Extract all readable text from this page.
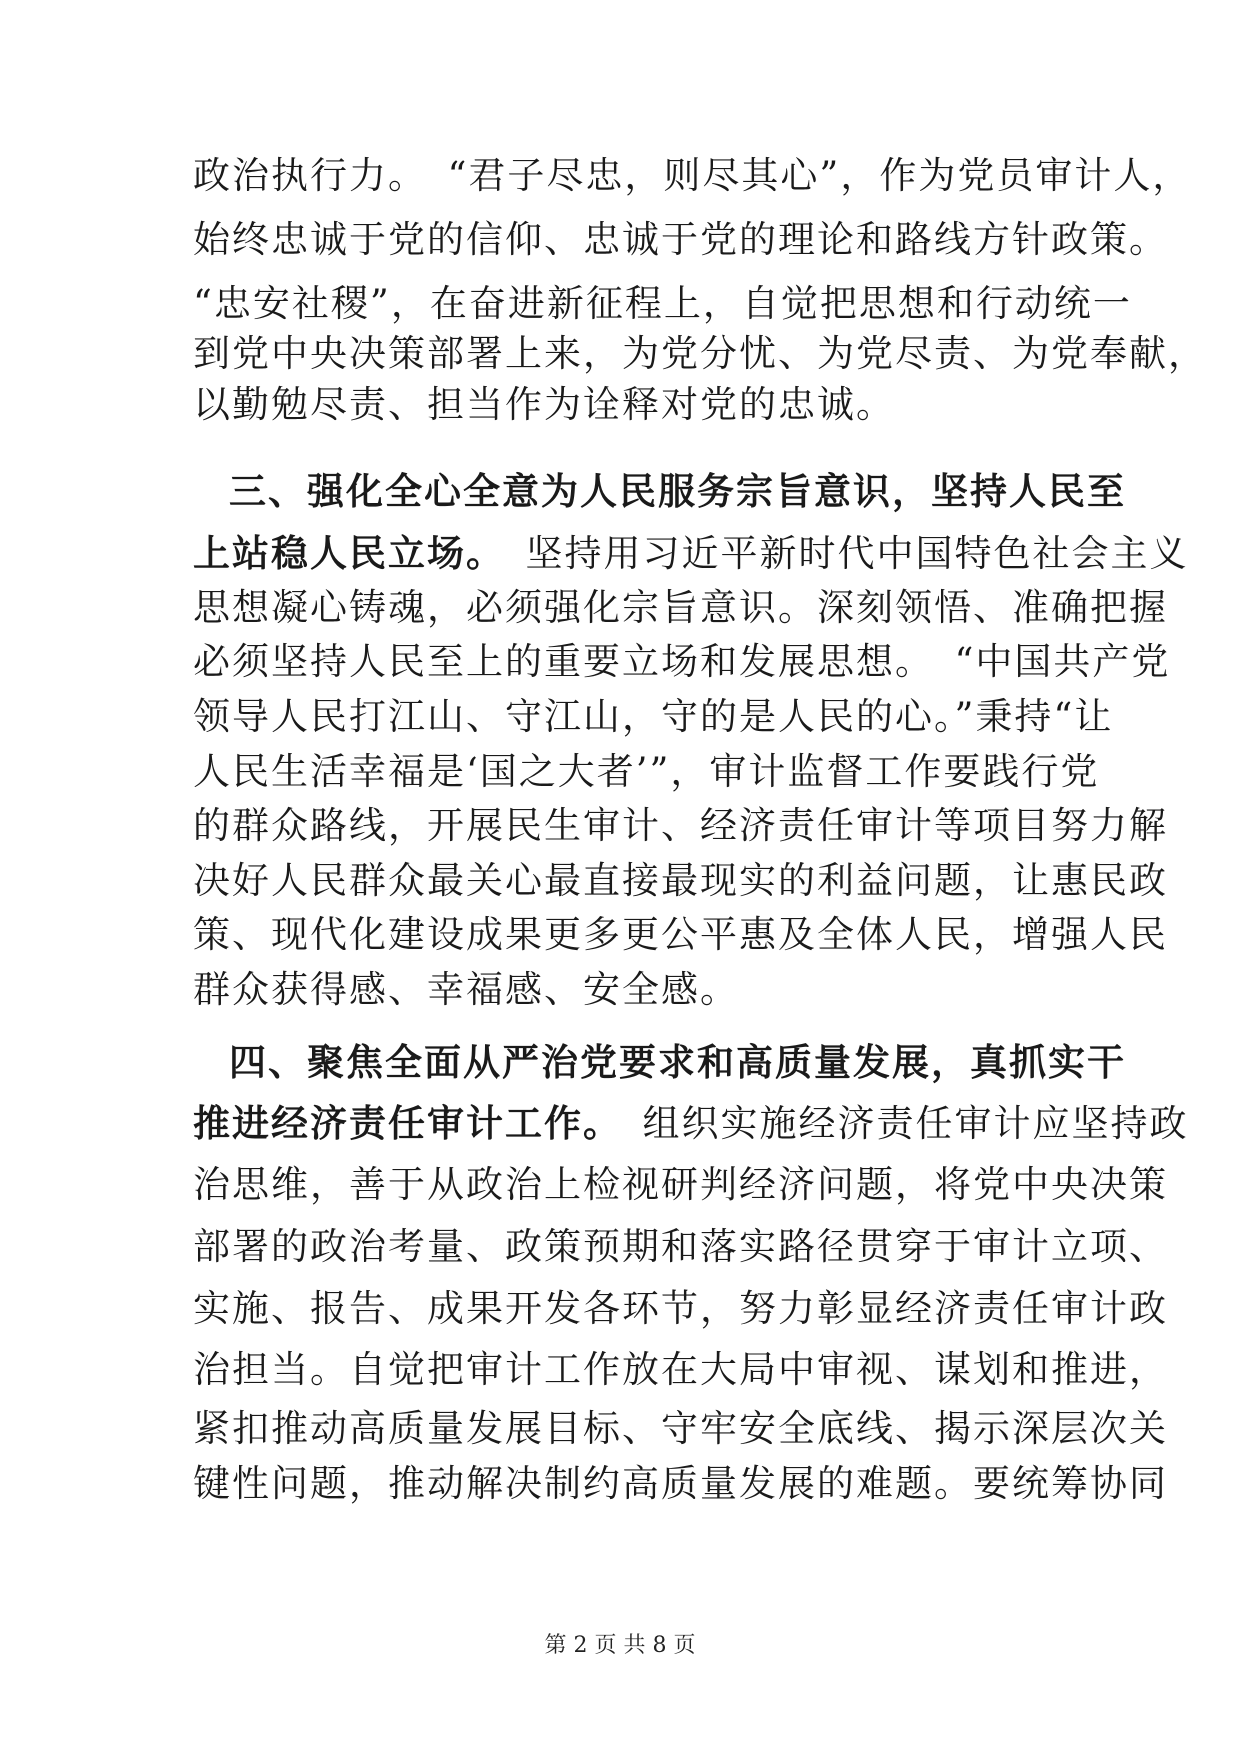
政治执行力。　“君子尽忠，则尽其心”，作为党员审计人，
始终忠诚于党的信仰、忠诚于党的理论和路线方针政策。
“忠安社稷”，在奋进新征程上，自觉把思想和行动统一
到党中央决策部署上来，为党分忧、为党尽责、为党奉献，
以勤勉尽责、担当作为诠释对党的忠诚。
三、强化全心全意为人民服务宗旨意识，坚持人民至
上站稳人民立场。　 坚持用习近平新时代中国特色社会主义
思想凝心铸魂，必须强化宗旨意识。深刻领悟、准确把握
必须坚持人民至上的重要立场和发展思想。　“中国共产党
领导人民打江山、守江山，守的是人民的心。”秉持“让
人民生活幸福是‘国之大者’”，审计监督工作要践行党
的群众路线，开展民生审计、经济责任审计等项目努力解
决好人民群众最关心最直接最现实的利益问题，让惠民政
策、现代化建设成果更多更公平惠及全体人民，增强人民
群众获得感、幸福感、安全感。
四、聚焦全面从严治党要求和高质量发展，真抓实干
推进经济责任审计工作。　 组织实施经济责任审计应坚持政
治思维，善于从政治上检视研判经济问题，将党中央决策
部署的政治考量、政策预期和落实路径贯穿于审计立项、
实施、报告、成果开发各环节，努力彰显经济责任审计政
治担当。自觉把审计工作放在大局中审视、谋划和推进，
紧扣推动高质量发展目标、守牢安全底线、揭示深层次关
键性问题，推动解决制约高质量发展的难题。要统筹协同
第 2 页 共 8 页
